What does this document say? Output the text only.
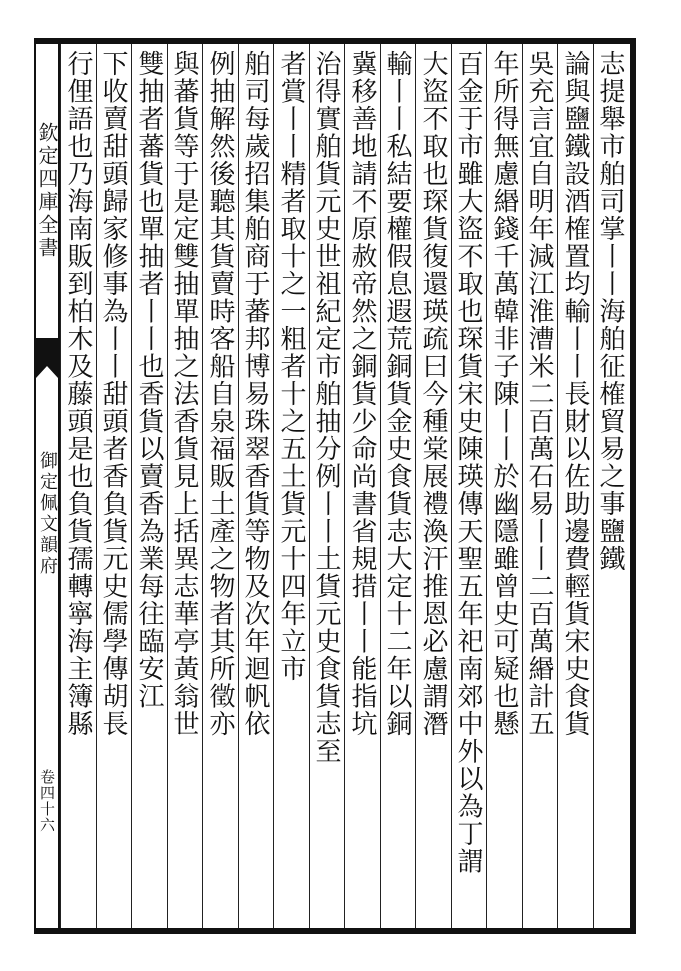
欽定四庫全書
御定佩文韻府
卷四十六
志提舉市舶司掌丨丨海舶征榷貿易之事鹽鐵
論與鹽鐵設酒榷置均輸丨丨長財以佐助邊費輕貨宋史食貨
吳充言宜自明年減江淮漕米二百萬石易丨丨二百萬緡計五
年所得無慮緡錢千萬韓非子陳丨丨於幽隱雖曾史可疑也懸
百金于市雖大盜不取也琛貨宋史陳瑛傳天聖五年祀南郊中外以為丁謂
大盜不取也琛貨復還瑛疏曰今種棠展禮渙汗推恩必慮謂潛
輸丨丨私結要權假息遐荒銅貨金史食貨志大定十二年以銅
冀移善地請不原赦帝然之銅貨少命尚書省規措丨丨能指坑
治得實舶貨元史世祖紀定市舶抽分例丨丨土貨元史食貨志至
者賞丨丨精者取十之一粗者十之五土貨元十四年立市
舶司每歲招集舶商于蕃邦博易珠翠香貨等物及次年迴帆依
例抽解然後聽其貨賣時客船自泉福販土產之物者其所徵亦
與蕃貨等于是定雙抽單抽之法香貨見上括異志華亭黃翁世
雙抽者蕃貨也單抽者丨丨也香貨以賣香為業每往臨安江
下收賣甜頭歸家修事為丨丨甜頭者香負貨元史儒學傳胡長
行俚語也乃海南販到柏木及藤頭是也負貨孺轉寧海主簿縣
